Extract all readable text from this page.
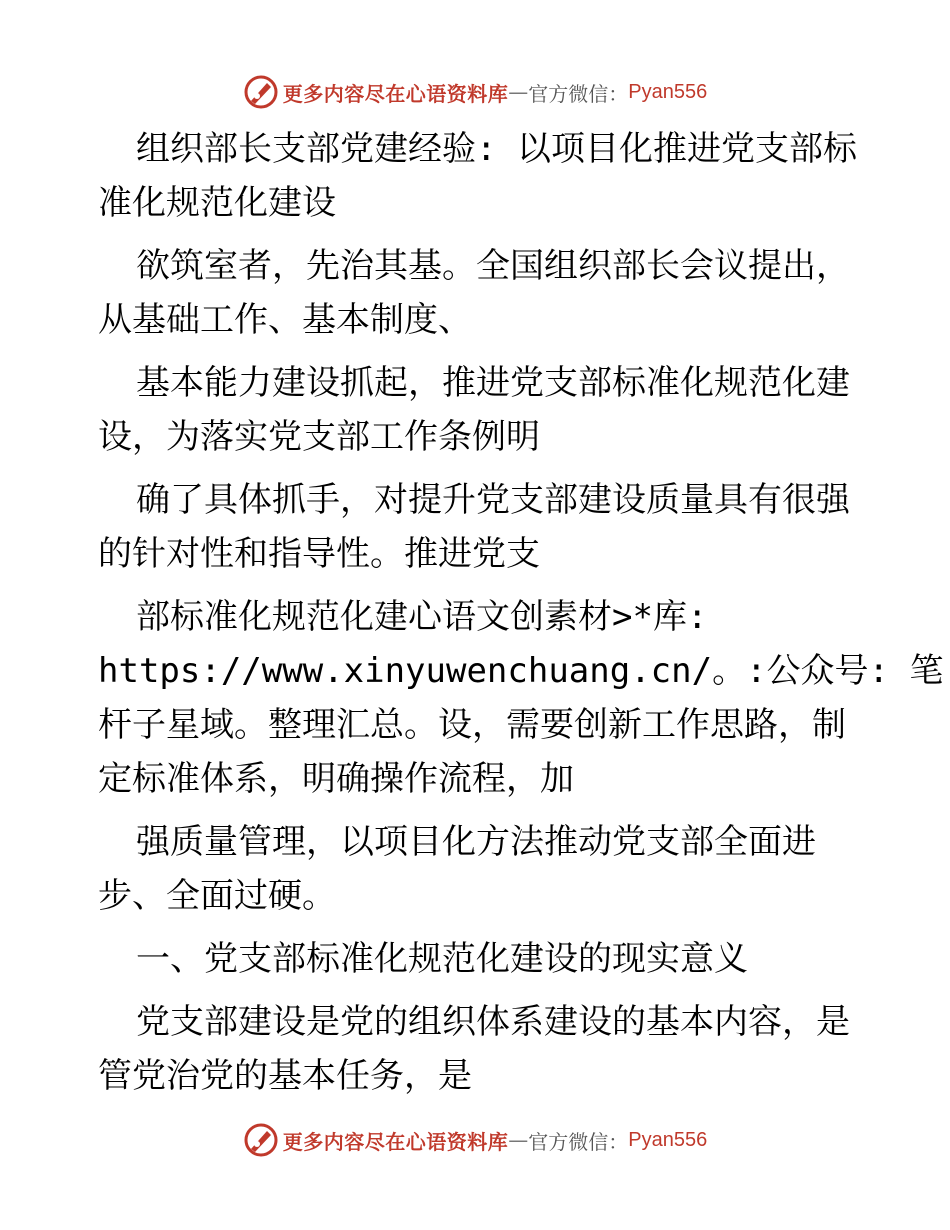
更多内容尽在心语资料库 — 官方微信： Pyan556
组织部长支部党建经验: 以项目化推进党支部标
准化规范化建设
欲筑室者，先治其基。全国组织部长会议提出，
从基础工作、基本制度、
基本能力建设抓起，推进党支部标准化规范化建
设，为落实党支部工作条例明
确了具体抓手，对提升党支部建设质量具有很强
的针对性和指导性。推进党支
部标准化规范化建心语文创素材>*库:
https://www.xinyuwenchuang.cn/。:公众号: 笔
杆子星域。整理汇总。设，需要创新工作思路，制
定标准体系，明确操作流程，加
强质量管理，以项目化方法推动党支部全面进
步、全面过硬。
一、党支部标准化规范化建设的现实意义
党支部建设是党的组织体系建设的基本内容，是
管党治党的基本任务，是
更多内容尽在心语资料库 — 官方微信： Pyan556
